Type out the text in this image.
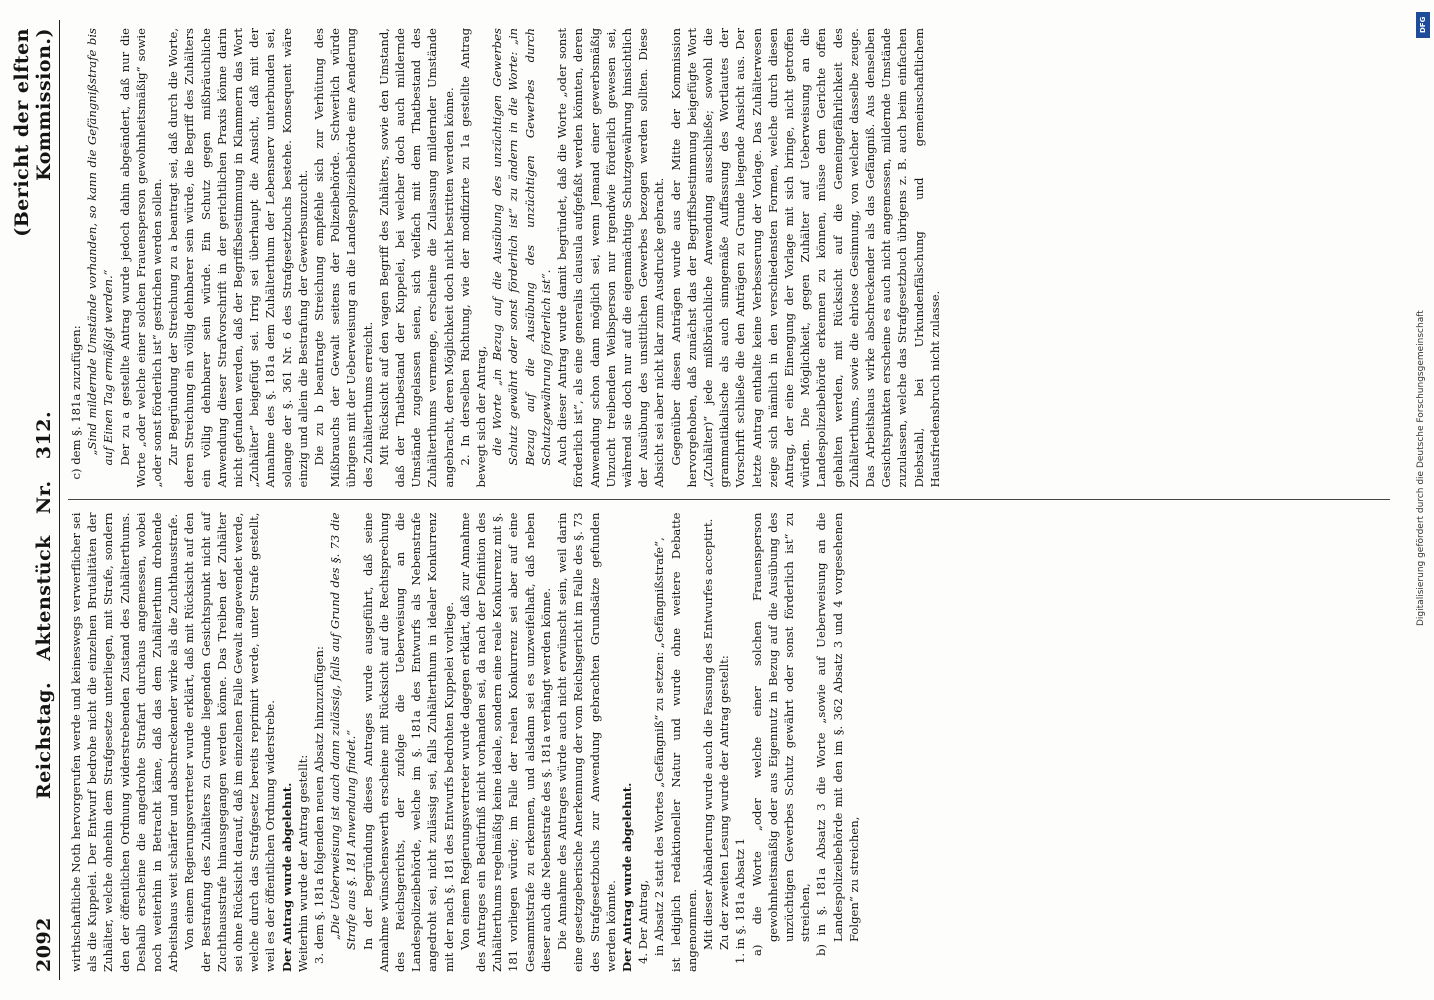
2092
Reichstag. Aktenstück Nr. 312.
(Bericht der elften Kommission.)

wirthschaftliche Noth hervorgerufen werde und keineswegs verwerflicher sei als die Kuppelei. Der Entwurf bedrohe nicht die einzelnen Brutalitäten der Zuhälter, welche ohnehin dem Strafgesetze unterliegen, mit Strafe, sondern den der öffentlichen Ordnung widerstrebenden Zustand des Zuhälterthums. Deshalb erscheine die angedrohte Strafart durchaus angemessen, wobei noch weiterhin in Betracht käme, daß das dem Zuhälterthum drohende Arbeitshaus weit schärfer und abschreckender wirke als die Zuchthausstrafe. Von einem Regierungsvertreter wurde erklärt, daß mit Rücksicht auf den der Bestrafung des Zuhälters zu Grunde liegenden Gesichtspunkt nicht auf Zuchthausstrafe hinausgegangen werden könne. Das Treiben der Zuhälter sei ohne Rücksicht darauf, daß im einzelnen Falle Gewalt angewendet werde, welche durch das Strafgesetz bereits reprimirt werde, unter Strafe gestellt, weil es der öffentlichen Ordnung widerstrebe. Der Antrag wurde abgelehnt. Weiterhin wurde der Antrag gestellt: 3. dem §. 181a folgenden neuen Absatz hinzuzufügen: „Die Ueberweisung ist auch dann zulässig, falls auf Grund des §. 73 die Strafe aus §. 181 Anwendung findet.“ In der Begründung dieses Antrages wurde ausgeführt, daß seine Annahme wünschenswerth erscheine mit Rücksicht auf die Rechtsprechung des Reichsgerichts, der zufolge die Ueberweisung an die Landespolizeibehörde, welche im §. 181a des Entwurfs als Nebenstrafe angedroht sei, nicht zulässig sei, falls Zuhälterthum in idealer Konkurrenz mit der nach §. 181 des Entwurfs bedrohten Kuppelei vorliege. Von einem Regierungsvertreter wurde dagegen erklärt, daß zur Annahme des Antrages ein Bedürfniß nicht vorhanden sei, da nach der Definition des Zuhälterthums regelmäßig keine ideale, sondern eine reale Konkurrenz mit §. 181 vorliegen würde; im Falle der realen Konkurrenz sei aber auf eine Gesammtstrafe zu erkennen, und alsdann sei es unzweifelhaft, daß neben dieser auch die Nebenstrafe des §. 181a verhängt werden könne. Die Annahme des Antrages würde auch nicht erwünscht sein, weil darin eine gesetzgeberische Anerkennung der vom Reichsgericht im Falle des §. 73 des Strafgesetzbuchs zur Anwendung gebrachten Grundsätze gefunden werden könnte. Der Antrag wurde abgelehnt. 4. Der Antrag, in Absatz 2 statt des Wortes „Gefängniß“ zu setzen: „Gefängnißstrafe“, ist lediglich redaktioneller Natur und wurde ohne weitere Debatte angenommen. Mit dieser Abänderung wurde auch die Fassung des Entwurfes acceptirt. Zu der zweiten Lesung wurde der Antrag gestellt: 1. in §. 181a Absatz 1 a) die Worte „oder welche einer solchen Frauensperson gewohnheitsmäßig oder aus Eigennutz in Bezug auf die Ausübung des unzüchtigen Gewerbes Schutz gewährt oder sonst förderlich ist“ zu streichen, b) in §. 181a Absatz 3 die Worte „sowie auf Ueberweisung an die Landespolizeibehörde mit den im §. 362 Absatz 3 und 4 vorgesehenen Folgen“ zu streichen,

c) dem §. 181a zuzufügen: „Sind mildernde Umstände vorhanden, so kann die Gefängnißstrafe bis auf Einen Tag ermäßigt werden.“ Der zu a gestellte Antrag wurde jedoch dahin abgeändert, daß nur die Worte „oder welche einer solchen Frauensperson gewohnheitsmäßig“ sowie „oder sonst förderlich ist“ gestrichen werden sollen. Zur Begründung der Streichung zu a beantragt sei, daß durch die Worte, deren Streichung ein völlig dehnbarer sein würde, die Begriff des Zuhälters ein völlig dehnbarer sein würde. Ein Schutz gegen mißbräuchliche Anwendung dieser Strafvorschrift in der gerichtlichen Praxis könne darin nicht gefunden werden, daß der Begriffsbestimmung in Klammern das Wort „Zuhälter“ beigefügt sei. Irrig sei überhaupt die Ansicht, daß mit der Annahme des §. 181a dem Zuhälterthum der Lebensnerv unterbunden sei, solange der §. 361 Nr. 6 des Strafgesetzbuchs bestehe. Konsequent wäre einzig und allein die Bestrafung der Gewerbsunzucht. Die zu b beantragte Streichung empfehle sich zur Verhütung des Mißbrauchs der Gewalt seitens der Polizeibehörde. Schwerlich würde übrigens mit der Ueberweisung an die Landespolizeibehörde eine Aenderung des Zuhälterthums erreicht. Mit Rücksicht auf den vagen Begriff des Zuhälters, sowie den Umstand, daß der Thatbestand der Kuppelei, bei welcher doch auch mildernde Umstände zugelassen seien, sich vielfach mit dem Thatbestand des Zuhälterthums vermenge, erscheine die Zulassung mildernder Umstände angebracht, deren Möglichkeit doch nicht bestritten werden könne. 2. In derselben Richtung, wie der modifizirte zu 1a gestellte Antrag bewegt sich der Antrag, die Worte „in Bezug auf die Ausübung des unzüchtigen Gewerbes Schutz gewährt oder sonst förderlich ist“ zu ändern in die Worte: „in Bezug auf die Ausübung des unzüchtigen Gewerbes durch Schutzgewährung förderlich ist“. Auch dieser Antrag wurde damit begründet, daß die Worte „oder sonst förderlich ist“, als eine generalis clausula aufgefaßt werden könnten, deren Anwendung schon dann möglich sei, wenn Jemand einer gewerbsmäßig Unzucht treibenden Weibsperson nur irgendwie förderlich gewesen sei, während sie doch nur auf die eigenmächtige Schutzgewährung hinsichtlich der Ausübung des unsittlichen Gewerbes bezogen werden sollten. Diese Absicht sei aber nicht klar zum Ausdrucke gebracht. Gegenüber diesen Anträgen wurde aus der Mitte der Kommission hervorgehoben, daß zunächst das der Begriffsbestimmung beigefügte Wort „(Zuhälter)“ jede mißbräuchliche Anwendung ausschließe; sowohl die grammatikalische als auch sinngemäße Auffassung des Wortlautes der Vorschrift schließe die den Anträgen zu Grunde liegende Ansicht aus. Der letzte Antrag enthalte keine Verbesserung der Vorlage. Das Zuhälterwesen zeige sich nämlich in den verschiedensten Formen, welche durch diesen Antrag, der eine Einengung der Vorlage mit sich bringe, nicht getroffen würden. Die Möglichkeit, gegen Zuhälter auf Ueberweisung an die Landespolizeibehörde erkennen zu können, müsse dem Gerichte offen gehalten werden, mit Rücksicht auf die Gemeingefährlichkeit des Zuhälterthums, sowie die ehrlose Gesinnung, von welcher dasselbe zeuge. Das Arbeitshaus wirke abschreckender als das Gefängniß. Aus denselben Gesichtspunkten erscheine es auch nicht angemessen, mildernde Umstände zuzulassen, welche das Strafgesetzbuch übrigens z. B. auch beim einfachen Diebstahl, bei Urkundenfälschung und gemeinschaftlichem Hausfriedensbruch nicht zulasse.

DFG
Digitalisierung gefördert durch die Deutsche Forschungsgemeinschaft
